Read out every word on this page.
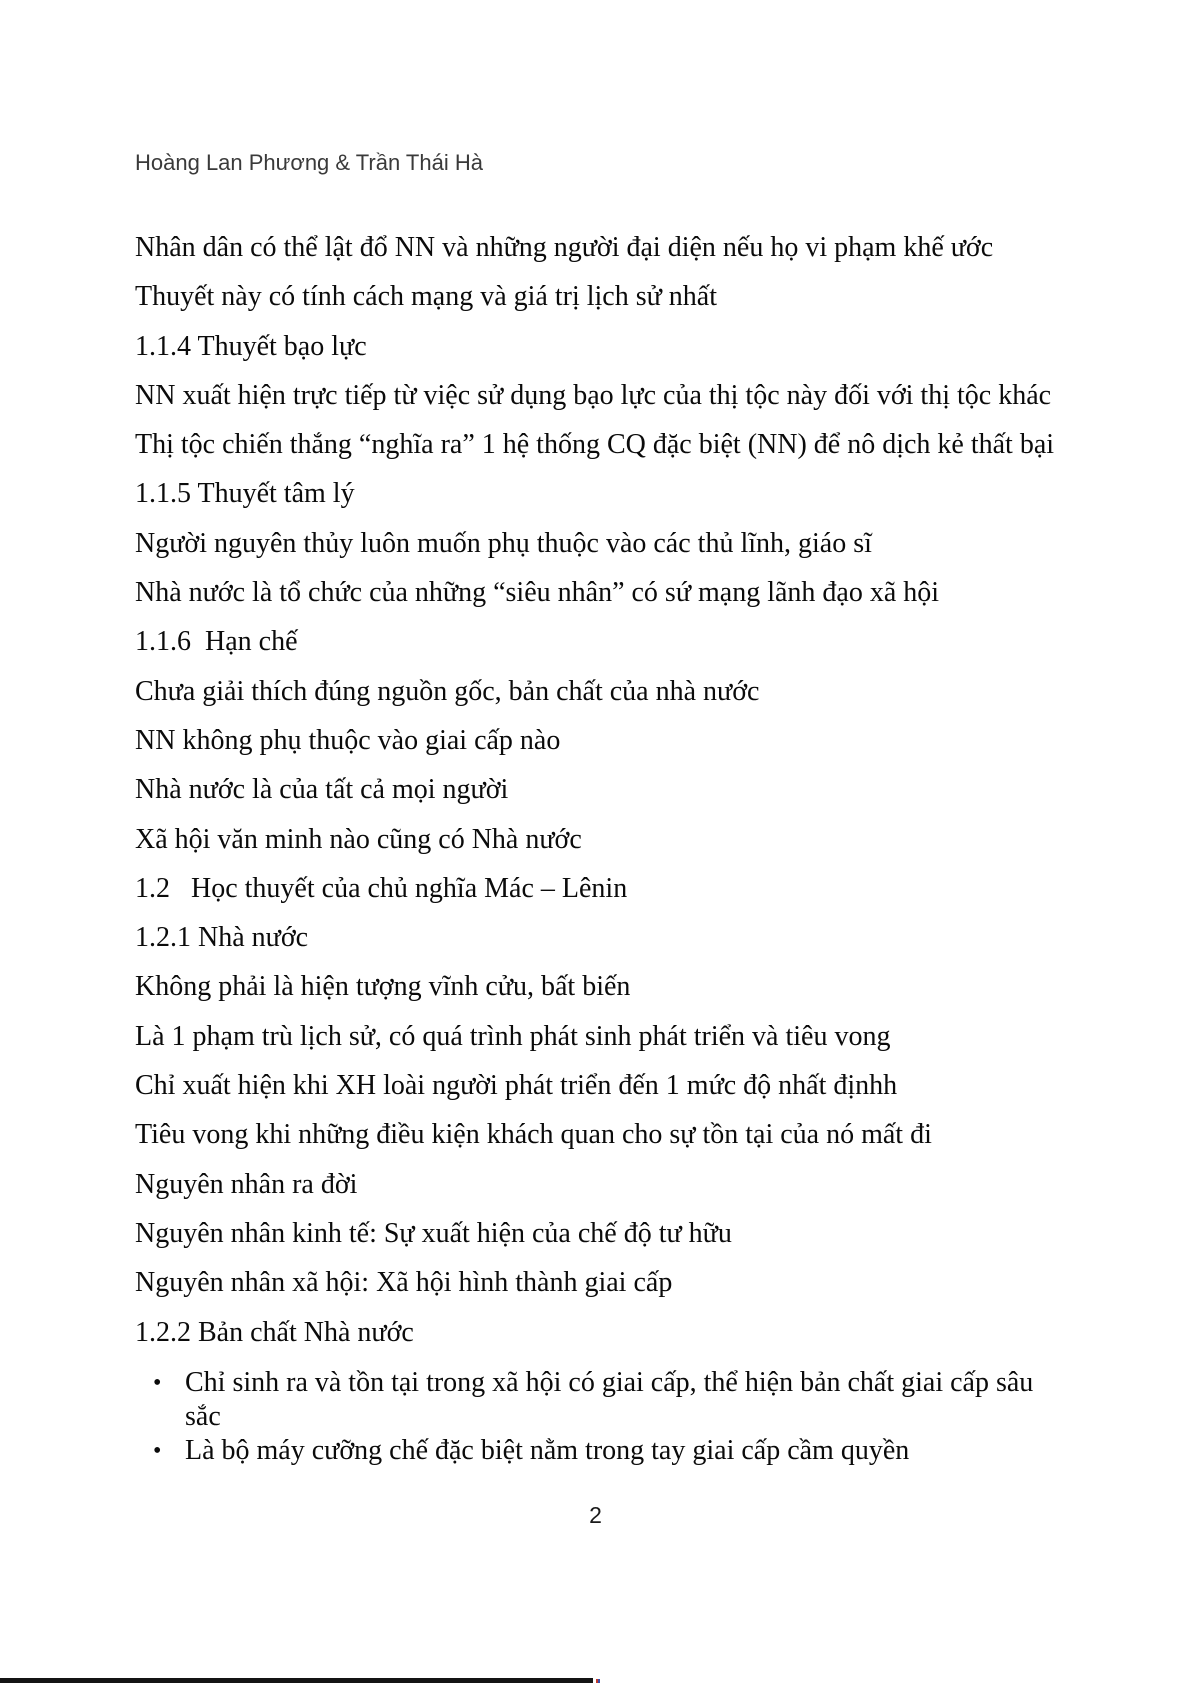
Hoàng Lan Phương & Trần Thái Hà

Nhân dân có thể lật đổ NN và những người đại diện nếu họ vi phạm khế ước

Thuyết này có tính cách mạng và giá trị lịch sử nhất

1.1.4 Thuyết bạo lực

NN xuất hiện trực tiếp từ việc sử dụng bạo lực của thị tộc này đối với thị tộc khác

Thị tộc chiến thắng “nghĩa ra” 1 hệ thống CQ đặc biệt (NN) để nô dịch kẻ thất bại

1.1.5 Thuyết tâm lý

Người nguyên thủy luôn muốn phụ thuộc vào các thủ lĩnh, giáo sĩ

Nhà nước là tổ chức của những “siêu nhân” có sứ mạng lãnh đạo xã hội

1.1.6  Hạn chế

Chưa giải thích đúng nguồn gốc, bản chất của nhà nước

NN không phụ thuộc vào giai cấp nào

Nhà nước là của tất cả mọi người

Xã hội văn minh nào cũng có Nhà nước

1.2   Học thuyết của chủ nghĩa Mác – Lênin

1.2.1 Nhà nước

Không phải là hiện tượng vĩnh cửu, bất biến

Là 1 phạm trù lịch sử, có quá trình phát sinh phát triển và tiêu vong

Chỉ xuất hiện khi XH loài người phát triển đến 1 mức độ nhất địnhh

Tiêu vong khi những điều kiện khách quan cho sự tồn tại của nó mất đi

Nguyên nhân ra đời

Nguyên nhân kinh tế: Sự xuất hiện của chế độ tư hữu

Nguyên nhân xã hội: Xã hội hình thành giai cấp

1.2.2 Bản chất Nhà nước

• Chỉ sinh ra và tồn tại trong xã hội có giai cấp, thể hiện bản chất giai cấp sâu sắc
• Là bộ máy cưỡng chế đặc biệt nằm trong tay giai cấp cầm quyền
2
